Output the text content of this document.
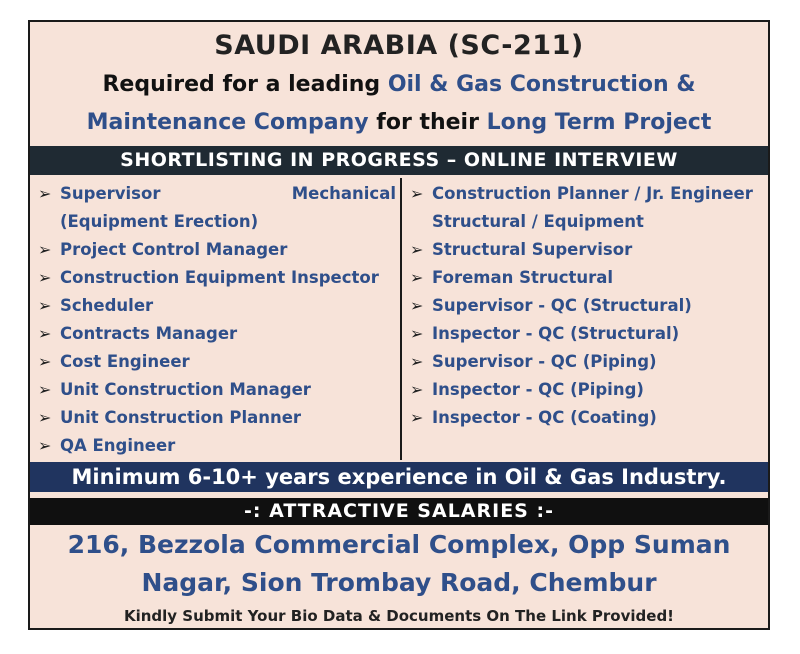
SAUDI ARABIA (SC-211)
Required for a leading Oil & Gas Construction &
Maintenance Company for their Long Term Project
SHORTLISTING IN PROGRESS – ONLINE INTERVIEW
➢ Supervisor	Mechanical
(Equipment Erection)
➢ Project Control Manager
➢ Construction Equipment Inspector
➢ Scheduler
➢ Contracts Manager
➢ Cost Engineer
➢ Unit Construction Manager
➢ Unit Construction Planner
➢ QA Engineer
➢ Construction Planner / Jr. Engineer
Structural / Equipment
➢ Structural Supervisor
➢ Foreman Structural
➢ Supervisor - QC (Structural)
➢ Inspector - QC (Structural)
➢ Supervisor - QC (Piping)
➢ Inspector - QC (Piping)
➢ Inspector - QC (Coating)
Minimum 6-10+ years experience in Oil & Gas Industry.
-: ATTRACTIVE SALARIES :-
216, Bezzola Commercial Complex, Opp Suman
Nagar, Sion Trombay Road, Chembur
Kindly Submit Your Bio Data & Documents On The Link Provided!
